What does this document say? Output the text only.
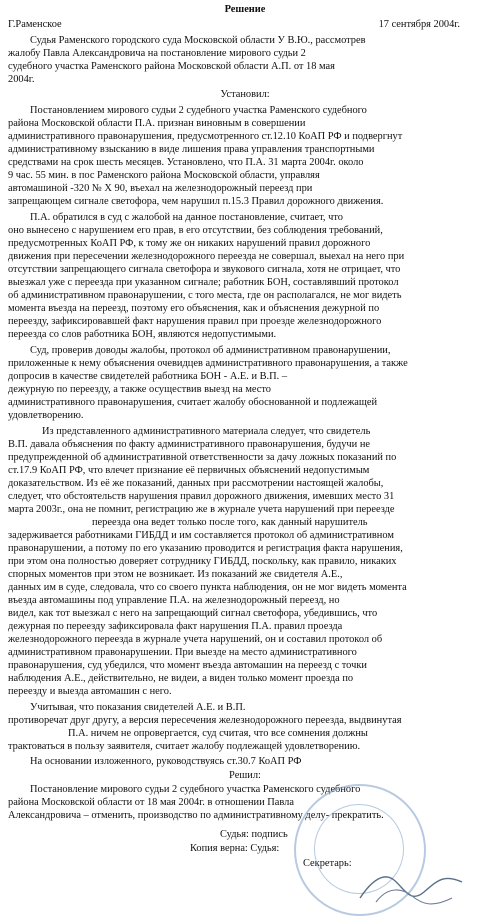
Решение
Г.Раменское	17 сентября 2004г.
Судья Раменского городского суда Московской области У В.Ю., рассмотрев
жалобу Павла Александровича на постановление мирового судьи 2
судебного участка Раменского района Московской области А.П. от 18 мая
2004г.
Установил:
Постановлением мирового судьи 2 судебного участка Раменского судебного
района Московской области П.А. признан виновным в совершении
административного правонарушения, предусмотренного ст.12.10 КоАП РФ и подвергнут
административному взысканию в виде лишения права управления транспортными
средствами на срок шесть месяцев. Установлено, что П.А. 31 марта 2004г. около
9 час. 55 мин. в пос Раменского района Московской области, управляя
автомашиной -320 № Х 90, въехал на железнодорожный переезд при
запрещающем сигнале светофора, чем нарушил п.15.3 Правил дорожного движения.
П.А. обратился в суд с жалобой на данное постановление, считает, что
оно вынесено с нарушением его прав, в его отсутствии, без соблюдения требований,
предусмотренных КоАП РФ, к тому же он никаких нарушений правил дорожного
движения при пересечении железнодорожного переезда не совершал, выехал на него при
отсутствии запрещающего сигнала светофора и звукового сигнала, хотя не отрицает, что
выезжал уже с переезда при указанном сигнале; работник БОН, составлявший протокол
об административном правонарушении, с того места, где он располагался, не мог видеть
момента въезда на переезд, поэтому его объяснения, как и объяснения дежурной по
переезду, зафиксировавшей факт нарушения правил при проезде железнодорожного
переезда со слов работника БОН, являются недопустимыми.
Суд, проверив доводы жалобы, протокол об административном правонарушении,
приложенные к нему объяснения очевидцев административного правонарушения, а также
допросив в качестве свидетелей работника БОН - А.Е. и В.П. –
дежурную по переезду, а также осуществив выезд на место
административного правонарушения, считает жалобу обоснованной и подлежащей
удовлетворению.
Из представленного административного материала следует, что свидетель
В.П. давала объяснения по факту административного правонарушения, будучи не
предупрежденной об административной ответственности за дачу ложных показаний по
ст.17.9 КоАП РФ, что влечет признание её первичных объяснений недопустимым
доказательством. Из её же показаний, данных при рассмотрении настоящей жалобы,
следует, что обстоятельств нарушения правил дорожного движения, имевших место 31
марта 2003г., она не помнит, регистрацию же в журнале учета нарушений при переезде
переезда она ведет только после того, как данный нарушитель
задерживается работниками ГИБДД и им составляется протокол об административном
правонарушении, а потому по его указанию проводится и регистрация факта нарушения,
при этом она полностью доверяет сотруднику ГИБДД, поскольку, как правило, никаких
спорных моментов при этом не возникает. Из показаний же свидетеля А.Е.,
данных им в суде, следовала, что со своего пункта наблюдения, он не мог видеть момента
въезда автомашины под управление П.А. на железнодорожный переезд, но
видел, как тот выезжал с него на запрещающий сигнал светофора, убедившись, что
дежурная по переезду зафиксировала факт нарушения П.А. правил проезда
железнодорожного переезда в журнале учета нарушений, он и составил протокол об
административном правонарушении. При выезде на место административного
правонарушения, суд убедился, что момент въезда автомашин на переезд с точки
наблюдения А.Е., действительно, не видеи, а виден только момент проезда по
переезду и выезда автомашин с него.
Учитывая, что показания свидетелей А.Е. и В.П.
противоречат друг другу, а версия пересечения железнодорожного переезда, выдвинутая
П.А. ничем не опровергается, суд считая, что все сомнения должны
трактоваться в пользу заявителя, считает жалобу подлежащей удовлетворению.
На основании изложенного, руководствуясь ст.30.7 КоАП РФ
Решил:
Постановление мирового судьи 2 судебного участка Раменского судебного
района Московской области от 18 мая 2004г. в отношении Павла
Александровича – отменить, производство по административному делу- прекратить.
Судья: подпись
Копия верна: Судья:
Секретарь:
